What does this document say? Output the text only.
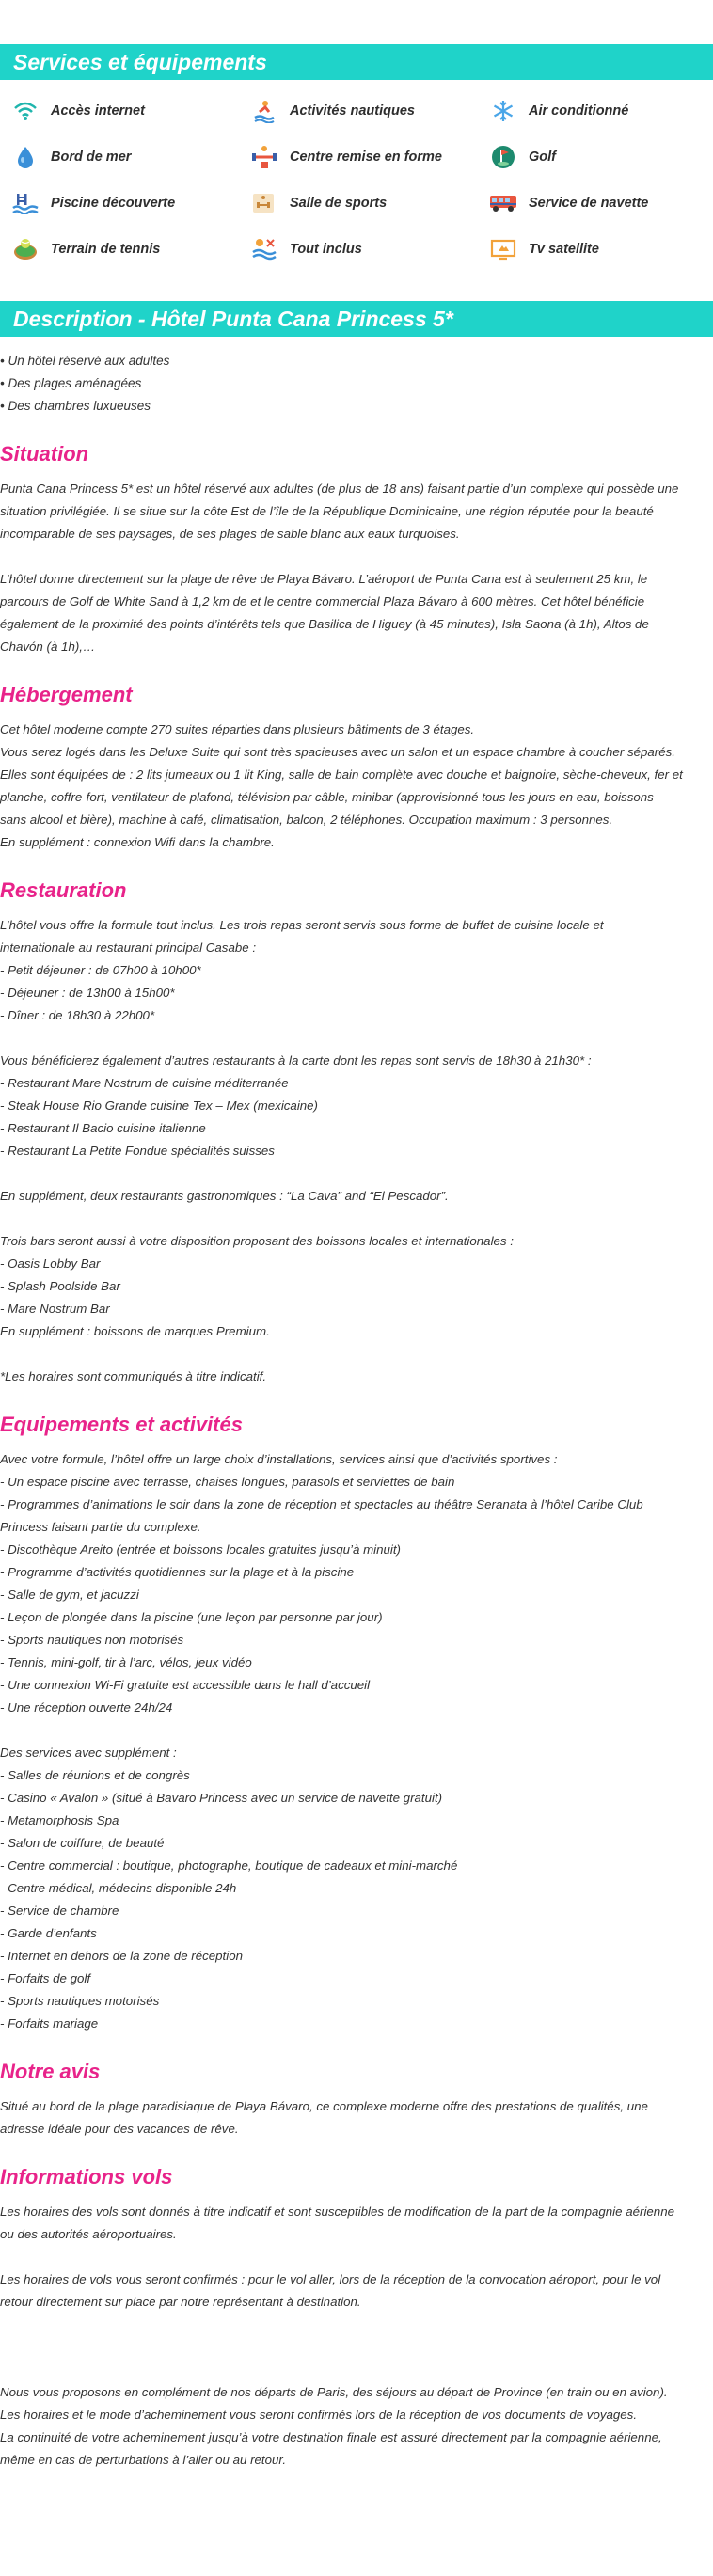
Services et équipements
Accès internet	Activités nautiques	Air conditionné
Bord de mer	Centre remise en forme	Golf
Piscine découverte	Salle de sports	Service de navette
Terrain de tennis	Tout inclus	Tv satellite
Description - Hôtel Punta Cana Princess 5*
• Un hôtel réservé aux adultes
• Des plages aménagées
• Des chambres luxueuses
Situation

Punta Cana Princess 5* est un hôtel réservé aux adultes (de plus de 18 ans) faisant partie d’un complexe qui possède une

situation privilégiée. Il se situe sur la côte Est de l’île de la République Dominicaine, une région réputée pour la beauté

incomparable de ses paysages, de ses plages de sable blanc aux eaux turquoises.

L’hôtel donne directement sur la plage de rêve de Playa Bávaro. L’aéroport de Punta Cana est à seulement 25 km, le

parcours de Golf de White Sand à 1,2 km de et le centre commercial Plaza Bávaro à 600 mètres. Cet hôtel bénéficie

également de la proximité des points d’intérêts tels que Basilica de Higuey (à 45 minutes), Isla Saona (à 1h), Altos de

Chavón (à 1h),…

Hébergement

Cet hôtel moderne compte 270 suites réparties dans plusieurs bâtiments de 3 étages.

Vous serez logés dans les Deluxe Suite qui sont très spacieuses avec un salon et un espace chambre à coucher séparés.

Elles sont équipées de : 2 lits jumeaux ou 1 lit King, salle de bain complète avec douche et baignoire, sèche-cheveux, fer et

planche, coffre-fort, ventilateur de plafond, télévision par câble, minibar (approvisionné tous les jours en eau, boissons

sans alcool et bière), machine à café, climatisation, balcon, 2 téléphones. Occupation maximum : 3 personnes.

En supplément : connexion Wifi dans la chambre.

Restauration

L’hôtel vous offre la formule tout inclus. Les trois repas seront servis sous forme de buffet de cuisine locale et

internationale au restaurant principal Casabe :

- Petit déjeuner : de 07h00 à 10h00*

- Déjeuner : de 13h00 à 15h00*

- Dîner : de 18h30 à 22h00*

Vous bénéficierez également d’autres restaurants à la carte dont les repas sont servis de 18h30 à 21h30* :

- Restaurant Mare Nostrum de cuisine méditerranée

- Steak House Rio Grande cuisine Tex – Mex (mexicaine)

- Restaurant Il Bacio cuisine italienne

- Restaurant La Petite Fondue spécialités suisses

En supplément, deux restaurants gastronomiques : “La Cava” and “El Pescador”.

Trois bars seront aussi à votre disposition proposant des boissons locales et internationales :

- Oasis Lobby Bar

- Splash Poolside Bar

- Mare Nostrum Bar

En supplément : boissons de marques Premium.

*Les horaires sont communiqués à titre indicatif.

Equipements et activités

Avec votre formule, l’hôtel offre un large choix d’installations, services ainsi que d’activités sportives :

- Un espace piscine avec terrasse, chaises longues, parasols et serviettes de bain

- Programmes d’animations le soir dans la zone de réception et spectacles au théâtre Seranata à l’hôtel Caribe Club

Princess faisant partie du complexe.

- Discothèque Areito (entrée et boissons locales gratuites jusqu’à minuit)

- Programme d’activités quotidiennes sur la plage et à la piscine

- Salle de gym, et jacuzzi

- Leçon de plongée dans la piscine (une leçon par personne par jour)

- Sports nautiques non motorisés

- Tennis, mini-golf, tir à l’arc, vélos, jeux vidéo

- Une connexion Wi-Fi gratuite est accessible dans le hall d’accueil

- Une réception ouverte 24h/24

Des services avec supplément :

- Salles de réunions et de congrès

- Casino « Avalon » (situé à Bavaro Princess avec un service de navette gratuit)

- Metamorphosis Spa

- Salon de coiffure, de beauté

- Centre commercial : boutique, photographe, boutique de cadeaux et mini-marché

- Centre médical, médecins disponible 24h

- Service de chambre

- Garde d’enfants

- Internet en dehors de la zone de réception

- Forfaits de golf

- Sports nautiques motorisés

- Forfaits mariage

Notre avis

Situé au bord de la plage paradisiaque de Playa Bávaro, ce complexe moderne offre des prestations de qualités, une

adresse idéale pour des vacances de rêve.

Informations vols

Les horaires des vols sont donnés à titre indicatif et sont susceptibles de modification de la part de la compagnie aérienne

ou des autorités aéroportuaires.

Les horaires de vols vous seront confirmés : pour le vol aller, lors de la réception de la convocation aéroport, pour le vol

retour directement sur place par notre représentant à destination.

Nous vous proposons en complément de nos départs de Paris, des séjours au départ de Province (en train ou en avion).

Les horaires et le mode d’acheminement vous seront confirmés lors de la réception de vos documents de voyages.

La continuité de votre acheminement jusqu’à votre destination finale est assuré directement par la compagnie aérienne,

même en cas de perturbations à l’aller ou au retour.
